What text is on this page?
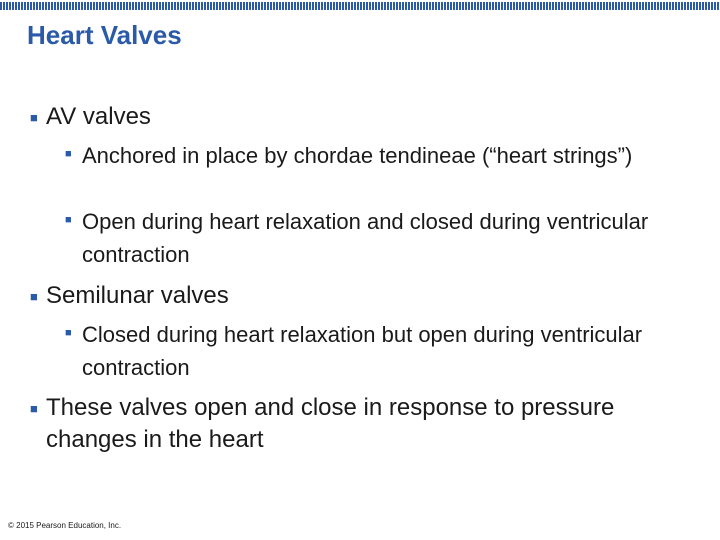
Heart Valves
■ AV valves
■ Anchored in place by chordae tendineae (“heart strings”)
■ Open during heart relaxation and closed during ventricular contraction
■ Semilunar valves
■ Closed during heart relaxation but open during ventricular contraction
■ These valves open and close in response to pressure changes in the heart
© 2015 Pearson Education, Inc.
